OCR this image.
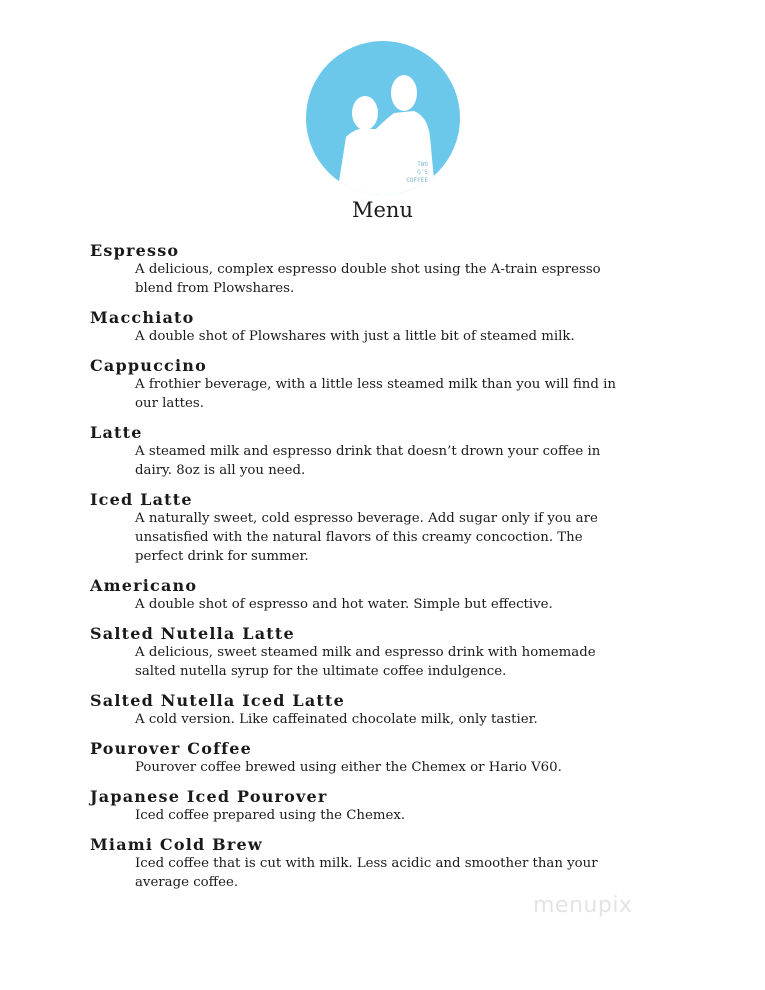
TWO
G'S
COFFEE
Menu
Espresso
A delicious, complex espresso double shot using the A-train espresso
blend from Plowshares.
Macchiato
A double shot of Plowshares with just a little bit of steamed milk.
Cappuccino
A frothier beverage, with a little less steamed milk than you will find in
our lattes.
Latte
A steamed milk and espresso drink that doesn’t drown your coffee in
dairy. 8oz is all you need.
Iced Latte
A naturally sweet, cold espresso beverage. Add sugar only if you are
unsatisfied with the natural flavors of this creamy concoction. The
perfect drink for summer.
Americano
A double shot of espresso and hot water. Simple but effective.
Salted Nutella Latte
A delicious, sweet steamed milk and espresso drink with homemade
salted nutella syrup for the ultimate coffee indulgence.
Salted Nutella Iced Latte
A cold version. Like caffeinated chocolate milk, only tastier.
Pourover Coffee
Pourover coffee brewed using either the Chemex or Hario V60.
Japanese Iced Pourover
Iced coffee prepared using the Chemex.
Miami Cold Brew
Iced coffee that is cut with milk. Less acidic and smoother than your
average coffee.
menupix
